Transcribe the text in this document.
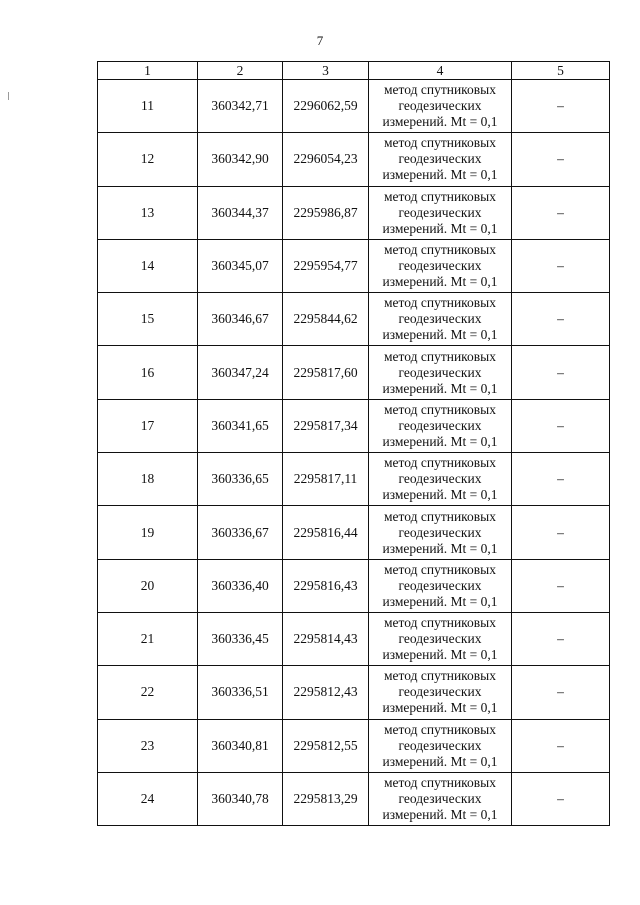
7
1	2	3	4	5
11	360342,71	2296062,59	метод спутниковых
геодезических
измерений. Mt = 0,1	–
12	360342,90	2296054,23	метод спутниковых
геодезических
измерений. Mt = 0,1	–
13	360344,37	2295986,87	метод спутниковых
геодезических
измерений. Mt = 0,1	–
14	360345,07	2295954,77	метод спутниковых
геодезических
измерений. Mt = 0,1	–
15	360346,67	2295844,62	метод спутниковых
геодезических
измерений. Mt = 0,1	–
16	360347,24	2295817,60	метод спутниковых
геодезических
измерений. Mt = 0,1	–
17	360341,65	2295817,34	метод спутниковых
геодезических
измерений. Mt = 0,1	–
18	360336,65	2295817,11	метод спутниковых
геодезических
измерений. Mt = 0,1	–
19	360336,67	2295816,44	метод спутниковых
геодезических
измерений. Mt = 0,1	–
20	360336,40	2295816,43	метод спутниковых
геодезических
измерений. Mt = 0,1	–
21	360336,45	2295814,43	метод спутниковых
геодезических
измерений. Mt = 0,1	–
22	360336,51	2295812,43	метод спутниковых
геодезических
измерений. Mt = 0,1	–
23	360340,81	2295812,55	метод спутниковых
геодезических
измерений. Mt = 0,1	–
24	360340,78	2295813,29	метод спутниковых
геодезических
измерений. Mt = 0,1	–
